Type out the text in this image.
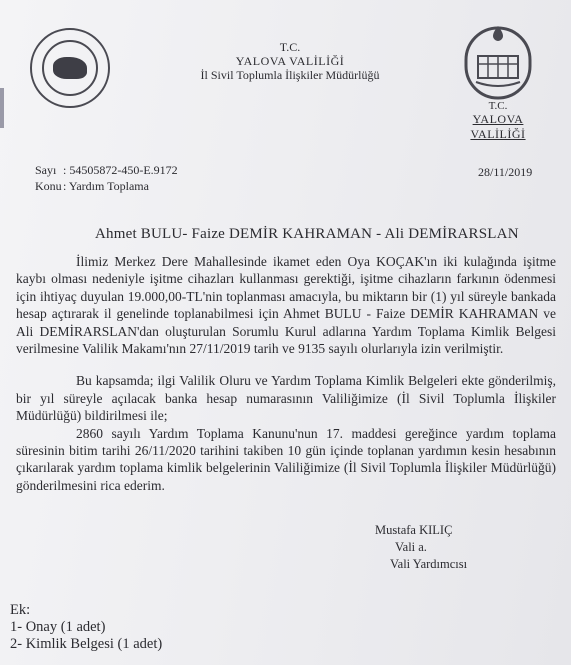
T.C.
YALOVA VALİLİĞİ
İl Sivil Toplumla İlişkiler Müdürlüğü
T.C.
YALOVA VALİLİĞİ
Sayı : 54505872-450-E.9172
Konu : Yardım Toplama
28/11/2019
Ahmet BULU- Faize DEMİR KAHRAMAN - Ali DEMİRARSLAN

İlimiz Merkez Dere Mahallesinde ikamet eden Oya KOÇAK'ın iki kulağında işitme kaybı olması nedeniyle işitme cihazları kullanması gerektiği, işitme cihazların farkının ödenmesi için ihtiyaç duyulan 19.000,00-TL'nin toplanması amacıyla, bu miktarın bir (1) yıl süreyle bankada hesap açtırarak il genelinde toplanabilmesi için Ahmet BULU - Faize DEMİR KAHRAMAN ve Ali DEMİRARSLAN'dan oluşturulan Sorumlu Kurul adlarına Yardım Toplama Kimlik Belgesi verilmesine Valilik Makamı'nın 27/11/2019 tarih ve 9135 sayılı olurlarıyla izin verilmiştir.

Bu kapsamda; ilgi Valilik Oluru ve Yardım Toplama Kimlik Belgeleri ekte gönderilmiş, bir yıl süreyle açılacak banka hesap numarasının Valiliğimize (İl Sivil Toplumla İlişkiler Müdürlüğü) bildirilmesi ile;

2860 sayılı Yardım Toplama Kanunu'nun 17. maddesi gereğince yardım toplama süresinin bitim tarihi 26/11/2020 tarihini takiben 10 gün içinde toplanan yardımın kesin hesabının çıkarılarak yardım toplama kimlik belgelerinin Valiliğimize (İl Sivil Toplumla İlişkiler Müdürlüğü) gönderilmesini rica ederim.

Mustafa KILIÇ
Vali a.
Vali Yardımcısı
Ek:
1- Onay (1 adet)
2- Kimlik Belgesi (1 adet)
